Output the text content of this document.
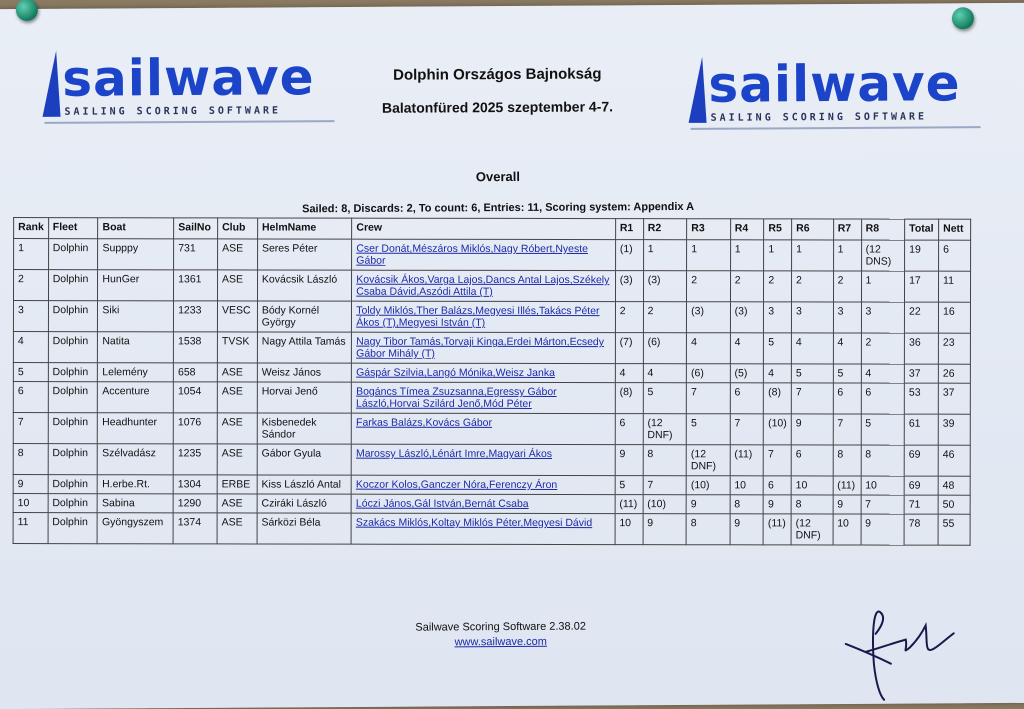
sailwave
SAILING SCORING SOFTWARE	sailwave
SAILING SCORING SOFTWARE
Dolphin Országos Bajnokság
Balatonfüred 2025 szeptember 4-7.
Overall
Sailed: 8, Discards: 2, To count: 6, Entries: 11, Scoring system: Appendix A
Rank	Fleet	Boat	SailNo	Club	HelmName	Crew	R1	R2	R3	R4	R5	R6	R7	R8	Total	Nett
1	Dolphin	Supppy	731	ASE	Seres Péter	Cser Donát,Mészáros Miklós,Nagy Róbert,Nyeste Gábor	(1)	1	1	1	1	1	1	(12 DNS)	19	6
2	Dolphin	HunGer	1361	ASE	Kovácsik László	Kovácsik Ákos,Varga Lajos,Dancs Antal Lajos,Székely Csaba Dávid,Aszódi Attila (T)	(3)	(3)	2	2	2	2	2	1	17	11
3	Dolphin	Siki	1233	VESC	Bódy Kornél György	Toldy Miklós,Ther Balázs,Megyesi Illés,Takács Péter Ákos (T),Megyesi István (T)	2	2	(3)	(3)	3	3	3	3	22	16
4	Dolphin	Natita	1538	TVSK	Nagy Attila Tamás	Nagy Tibor Tamás,Torvaji Kinga,Erdei Márton,Ecsedy Gábor Mihály (T)	(7)	(6)	4	4	5	4	4	2	36	23
5	Dolphin	Lelemény	658	ASE	Weisz János	Gáspár Szilvia,Langó Mónika,Weisz Janka	4	4	(6)	(5)	4	5	5	4	37	26
6	Dolphin	Accenture	1054	ASE	Horvai Jenő	Bogáncs Tímea Zsuzsanna,Egressy Gábor László,Horvai Szilárd Jenő,Mód Péter	(8)	5	7	6	(8)	7	6	6	53	37
7	Dolphin	Headhunter	1076	ASE	Kisbenedek Sándor	Farkas Balázs,Kovács Gábor	6	(12 DNF)	5	7	(10)	9	7	5	61	39
8	Dolphin	Szélvadász	1235	ASE	Gábor Gyula	Marossy László,Lénárt Imre,Magyari Ákos	9	8	(12 DNF)	(11)	7	6	8	8	69	46
9	Dolphin	H.erbe.Rt.	1304	ERBE	Kiss László Antal	Koczor Kolos,Ganczer Nóra,Ferenczy Áron	5	7	(10)	10	6	10	(11)	10	69	48
10	Dolphin	Sabina	1290	ASE	Cziráki László	Lóczi János,Gál István,Bernát Csaba	(11)	(10)	9	8	9	8	9	7	71	50
11	Dolphin	Gyöngyszem	1374	ASE	Sárközi Béla	Szakács Miklós,Koltay Miklós Péter,Megyesi Dávid	10	9	8	9	(11)	(12 DNF)	10	9	78	55
Sailwave Scoring Software 2.38.02
www.sailwave.com
